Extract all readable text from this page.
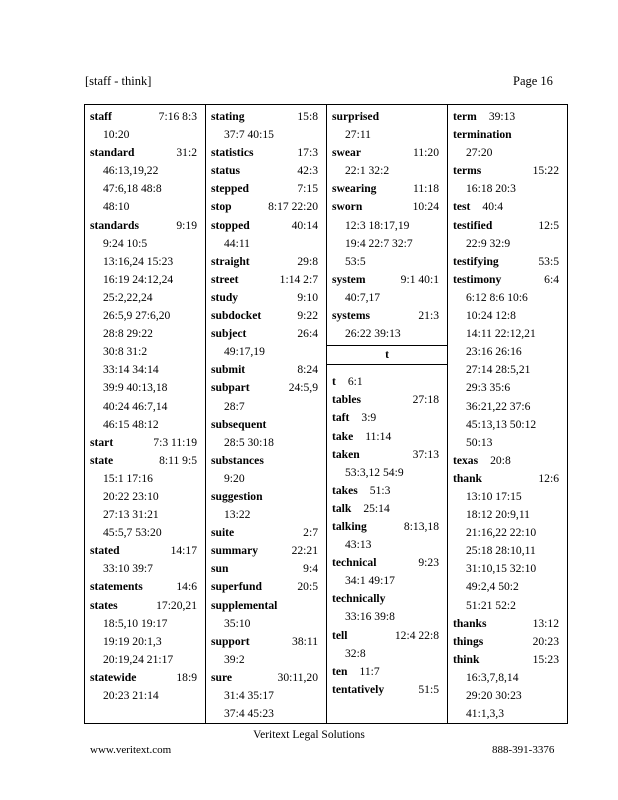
[staff - think]	Page 16
staff	7:16 8:3
10:20
standard	31:2
46:13,19,22
47:6,18 48:8
48:10
standards	9:19
9:24 10:5
13:16,24 15:23
16:19 24:12,24
25:2,22,24
26:5,9 27:6,20
28:8 29:22
30:8 31:2
33:14 34:14
39:9 40:13,18
40:24 46:7,14
46:15 48:12
start	7:3 11:19
state	8:11 9:5
15:1 17:16
20:22 23:10
27:13 31:21
45:5,7 53:20
stated	14:17
33:10 39:7
statements	14:6
states	17:20,21
18:5,10 19:17
19:19 20:1,3
20:19,24 21:17
statewide	18:9
20:23 21:14
stating	15:8
37:7 40:15
statistics	17:3
status	42:3
stepped	7:15
stop	8:17 22:20
stopped	40:14
44:11
straight	29:8
street	1:14 2:7
study	9:10
subdocket	9:22
subject	26:4
49:17,19
submit	8:24
subpart	24:5,9
28:7
subsequent
28:5 30:18
substances
9:20
suggestion
13:22
suite	2:7
summary	22:21
sun	9:4
superfund	20:5
supplemental
35:10
support	38:11
39:2
sure	30:11,20
31:4 35:17
37:4 45:23
surprised
27:11
swear	11:20
22:1 32:2
swearing	11:18
sworn	10:24
12:3 18:17,19
19:4 22:7 32:7
53:5
system	9:1 40:1
40:7,17
systems	21:3
26:22 39:13
t
t 6:1
tables	27:18
taft 3:9
take 11:14
taken	37:13
53:3,12 54:9
takes 51:3
talk 25:14
talking	8:13,18
43:13
technical	9:23
34:1 49:17
technically
33:16 39:8
tell	12:4 22:8
32:8
ten 11:7
tentatively	51:5
term 39:13
termination
27:20
terms	15:22
16:18 20:3
test 40:4
testified	12:5
22:9 32:9
testifying	53:5
testimony	6:4
6:12 8:6 10:6
10:24 12:8
14:11 22:12,21
23:16 26:16
27:14 28:5,21
29:3 35:6
36:21,22 37:6
45:13,13 50:12
50:13
texas 20:8
thank	12:6
13:10 17:15
18:12 20:9,11
21:16,22 22:10
25:18 28:10,11
31:10,15 32:10
49:2,4 50:2
51:21 52:2
thanks	13:12
things	20:23
think	15:23
16:3,7,8,14
29:20 30:23
41:1,3,3
Veritext Legal Solutions
www.veritext.com	888-391-3376
